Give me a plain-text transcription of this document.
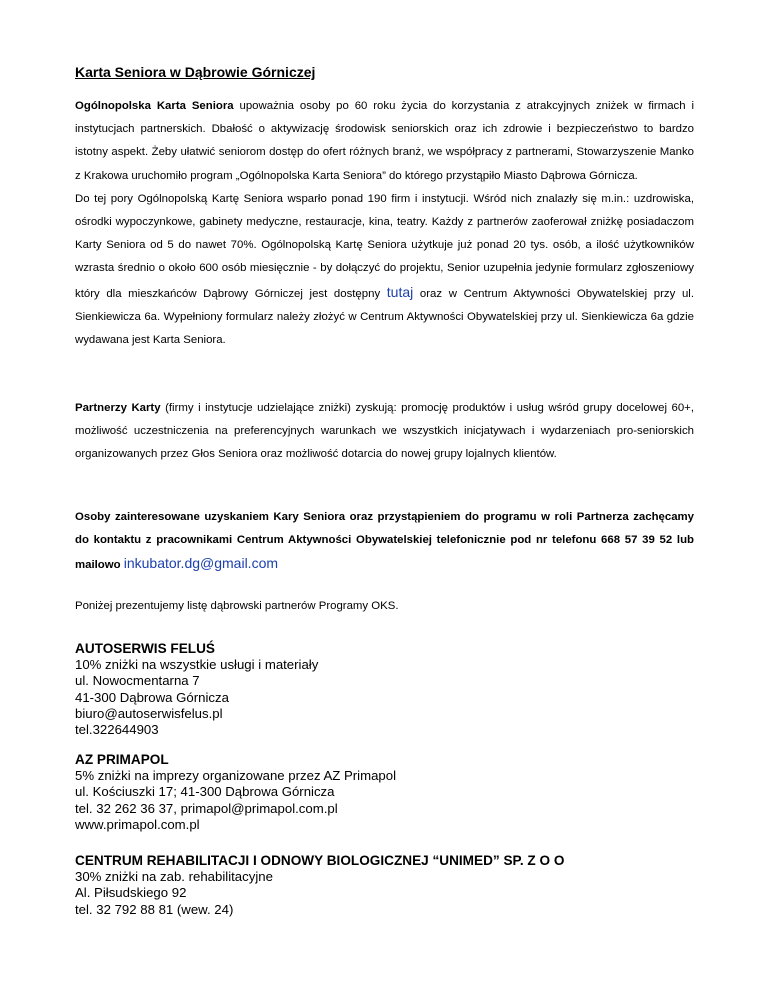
Karta Seniora w Dąbrowie Górniczej
Ogólnopolska Karta Seniora upoważnia osoby po 60 roku życia do korzystania z atrakcyjnych zniżek w firmach i instytucjach partnerskich. Dbałość o aktywizację środowisk seniorskich oraz ich zdrowie i bezpieczeństwo to bardzo istotny aspekt. Żeby ułatwić seniorom dostęp do ofert różnych branż, we współpracy z partnerami, Stowarzyszenie Manko z Krakowa uruchomiło program „Ogólnopolska Karta Seniora” do którego przystąpiło Miasto Dąbrowa Górnicza.
Do tej pory Ogólnopolską Kartę Seniora wsparło ponad 190 firm i instytucji. Wśród nich znalazły się m.in.: uzdrowiska, ośrodki wypoczynkowe, gabinety medyczne, restauracje, kina, teatry. Każdy z partnerów zaoferował zniżkę posiadaczom Karty Seniora od 5 do nawet 70%. Ogólnopolską Kartę Seniora użytkuje już ponad 20 tys. osób, a ilość użytkowników wzrasta średnio o około 600 osób miesięcznie - by dołączyć do projektu, Senior uzupełnia jedynie formularz zgłoszeniowy który dla mieszkańców Dąbrowy Górniczej jest dostępny tutaj oraz w Centrum Aktywności Obywatelskiej przy ul. Sienkiewicza 6a. Wypełniony formularz należy złożyć w Centrum Aktywności Obywatelskiej przy ul. Sienkiewicza 6a gdzie wydawana jest Karta Seniora.
Partnerzy Karty (firmy i instytucje udzielające zniżki) zyskują: promocję produktów i usług wśród grupy docelowej 60+, możliwość uczestniczenia na preferencyjnych warunkach we wszystkich inicjatywach i wydarzeniach pro-seniorskich organizowanych przez Głos Seniora oraz możliwość dotarcia do nowej grupy lojalnych klientów.
Osoby zainteresowane uzyskaniem Kary Seniora oraz przystąpieniem do programu w roli Partnerza zachęcamy do kontaktu z pracownikami Centrum Aktywności Obywatelskiej telefonicznie pod nr telefonu 668 57 39 52 lub mailowo inkubator.dg@gmail.com
Poniżej prezentujemy listę dąbrowski partnerów Programy OKS.
AUTOSERWIS FELUŚ
10% zniżki na wszystkie usługi i materiały
ul. Nowocmentarna 7
41-300 Dąbrowa Górnicza
biuro@autoserwisfelus.pl
tel.322644903
AZ PRIMAPOL
5% zniżki na imprezy organizowane przez AZ Primapol
ul. Kościuszki 17; 41-300 Dąbrowa Górnicza
tel. 32 262 36 37, primapol@primapol.com.pl
www.primapol.com.pl
CENTRUM REHABILITACJI I ODNOWY BIOLOGICZNEJ “UNIMED” SP. Z O O
30% zniżki na zab. rehabilitacyjne
Al. Piłsudskiego 92
tel. 32 792 88 81 (wew. 24)
